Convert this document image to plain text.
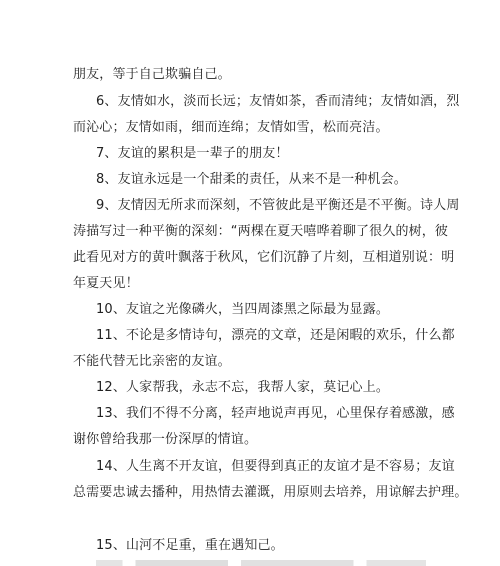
朋友，等于自己欺骗自己。
6、友情如水，淡而长远；友情如茶，香而清纯；友情如酒，烈
而沁心；友情如雨，细而连绵；友情如雪，松而亮洁。
7、友谊的累积是一辈子的朋友！
8、友谊永远是一个甜柔的责任，从来不是一种机会。
9、友情因无所求而深刻，不管彼此是平衡还是不平衡。诗人周
涛描写过一种平衡的深刻：“两棵在夏天嘻哗着聊了很久的树，彼
此看见对方的黄叶飘落于秋风，它们沉静了片刻，互相道别说：明
年夏天见！
10、友谊之光像磷火，当四周漆黑之际最为显露。
11、不论是多情诗句，漂亮的文章，还是闲暇的欢乐，什么都
不能代替无比亲密的友谊。
12、人家帮我，永志不忘，我帮人家，莫记心上。
13、我们不得不分离，轻声地说声再见，心里保存着感激，感
谢你曾给我那一份深厚的情谊。
14、人生离不开友谊，但要得到真正的友谊才是不容易；友谊
总需要忠诚去播种，用热情去灌溉，用原则去培养，用谅解去护理。
15、山河不足重，重在遇知己。
